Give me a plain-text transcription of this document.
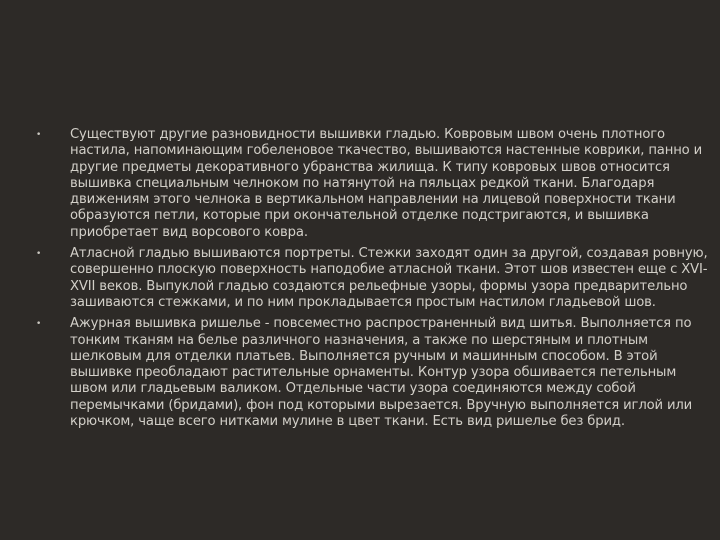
•	Существуют другие разновидности вышивки гладью. Ковровым швом очень плотного настила, напоминающим гобеленовое ткачество, вышиваются настенные коврики, панно и другие предметы декоративного убранства жилища. К типу ковровых швов относится вышивка специальным челноком по натянутой на пяльцах редкой ткани. Благодаря движениям этого челнока в вертикальном направлении на лицевой поверхности ткани образуются петли, которые при окончательной отделке подстригаются, и вышивка приобретает вид ворсового ковра.
•	Атласной гладью вышиваются портреты. Стежки заходят один за другой, создавая ровную, совершенно плоскую поверхность наподобие атласной ткани. Этот шов известен еще с XVI-XVII веков. Выпуклой гладью создаются рельефные узоры, формы узора предварительно зашиваются стежками, и по ним прокладывается простым настилом гладьевой шов.
•	Ажурная вышивка ришелье - повсеместно распространенный вид шитья. Выполняется по тонким тканям на белье различного назначения, а также по шерстяным и плотным шелковым для отделки платьев. Выполняется ручным и машинным способом. В этой вышивке преобладают растительные орнаменты. Контур узора обшивается петельным швом или гладьевым валиком. Отдельные части узора соединяются между собой перемычками (бридами), фон под которыми вырезается. Вручную выполняется иглой или крючком, чаще всего нитками мулине в цвет ткани. Есть вид ришелье без брид.
